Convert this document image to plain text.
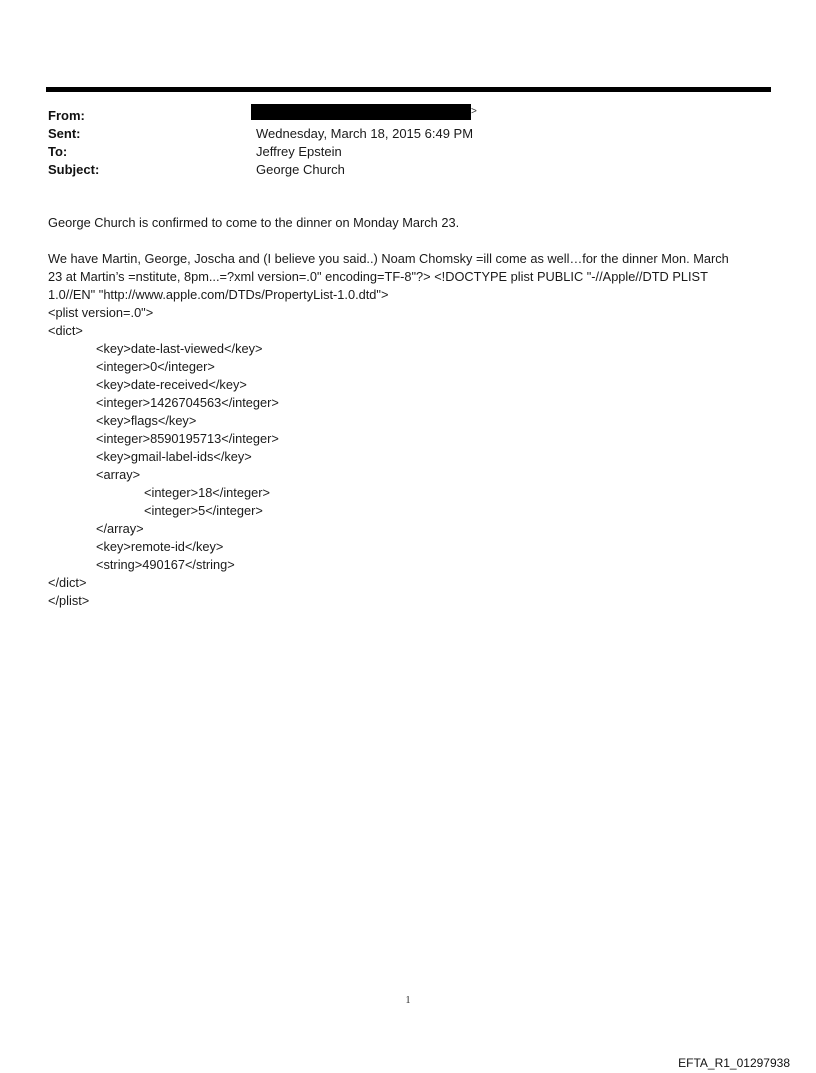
From:	>
Sent:	Wednesday, March 18, 2015 6:49 PM
To:	Jeffrey Epstein
Subject:	George Church

George Church is confirmed to come to the dinner on Monday March 23.

We have Martin, George, Joscha and (I believe you said..) Noam Chomsky =ill come as well…for the dinner Mon. March
23 at Martin’s =nstitute, 8pm...=?xml version=.0" encoding=TF-8"?> <!DOCTYPE plist PUBLIC "-//Apple//DTD PLIST
1.0//EN" "http://www.apple.com/DTDs/PropertyList-1.0.dtd">
<plist version=.0">
<dict>
<key>date-last-viewed</key>
<integer>0</integer>
<key>date-received</key>
<integer>1426704563</integer>
<key>flags</key>
<integer>8590195713</integer>
<key>gmail-label-ids</key>
<array>
<integer>18</integer>
<integer>5</integer>
</array>
<key>remote-id</key>
<string>490167</string>
</dict>
</plist>
1
EFTA_R1_01297938
